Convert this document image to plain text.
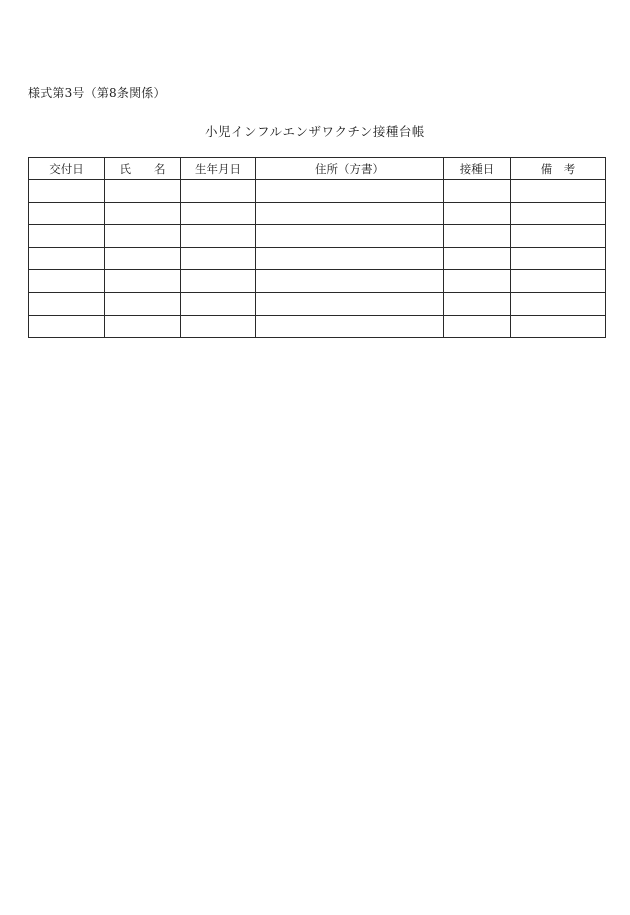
様式第3号（第8条関係）
小児インフルエンザワクチン接種台帳
交付日	氏　　名	生年月日	住所（方書）	接種日	備　考
